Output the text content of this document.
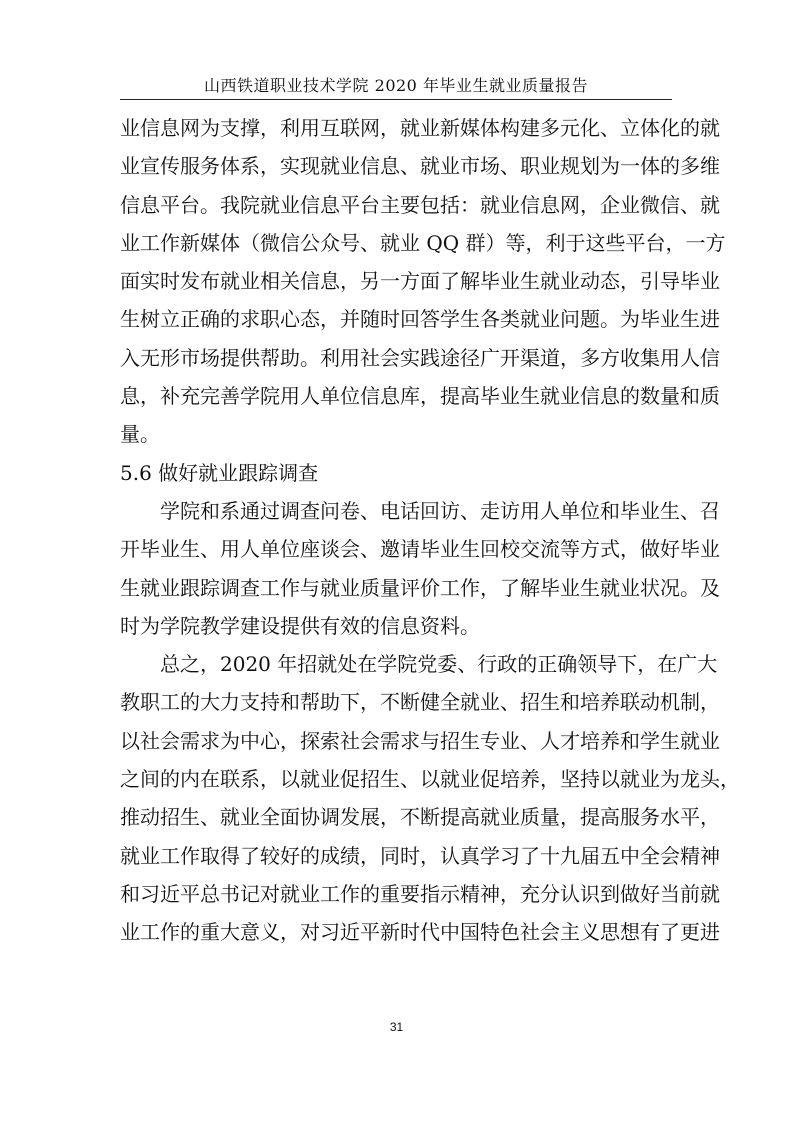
山西铁道职业技术学院 2020 年毕业生就业质量报告
业信息网为支撑，利用互联网，就业新媒体构建多元化、立体化的就
业宣传服务体系，实现就业信息、就业市场、职业规划为一体的多维
信息平台。我院就业信息平台主要包括：就业信息网，企业微信、就
业工作新媒体（微信公众号、就业 QQ 群）等，利于这些平台，一方
面实时发布就业相关信息，另一方面了解毕业生就业动态，引导毕业
生树立正确的求职心态，并随时回答学生各类就业问题。为毕业生进
入无形市场提供帮助。利用社会实践途径广开渠道，多方收集用人信
息，补充完善学院用人单位信息库，提高毕业生就业信息的数量和质
量。
5.6 做好就业跟踪调查
　　学院和系通过调查问卷、电话回访、走访用人单位和毕业生、召
开毕业生、用人单位座谈会、邀请毕业生回校交流等方式，做好毕业
生就业跟踪调查工作与就业质量评价工作，了解毕业生就业状况。及
时为学院教学建设提供有效的信息资料。
　　总之，2020 年招就处在学院党委、行政的正确领导下，在广大
教职工的大力支持和帮助下，不断健全就业、招生和培养联动机制，
以社会需求为中心，探索社会需求与招生专业、人才培养和学生就业
之间的内在联系，以就业促招生、以就业促培养，坚持以就业为龙头，
推动招生、就业全面协调发展，不断提高就业质量，提高服务水平，
就业工作取得了较好的成绩，同时，认真学习了十九届五中全会精神
和习近平总书记对就业工作的重要指示精神，充分认识到做好当前就
业工作的重大意义，对习近平新时代中国特色社会主义思想有了更进
31
